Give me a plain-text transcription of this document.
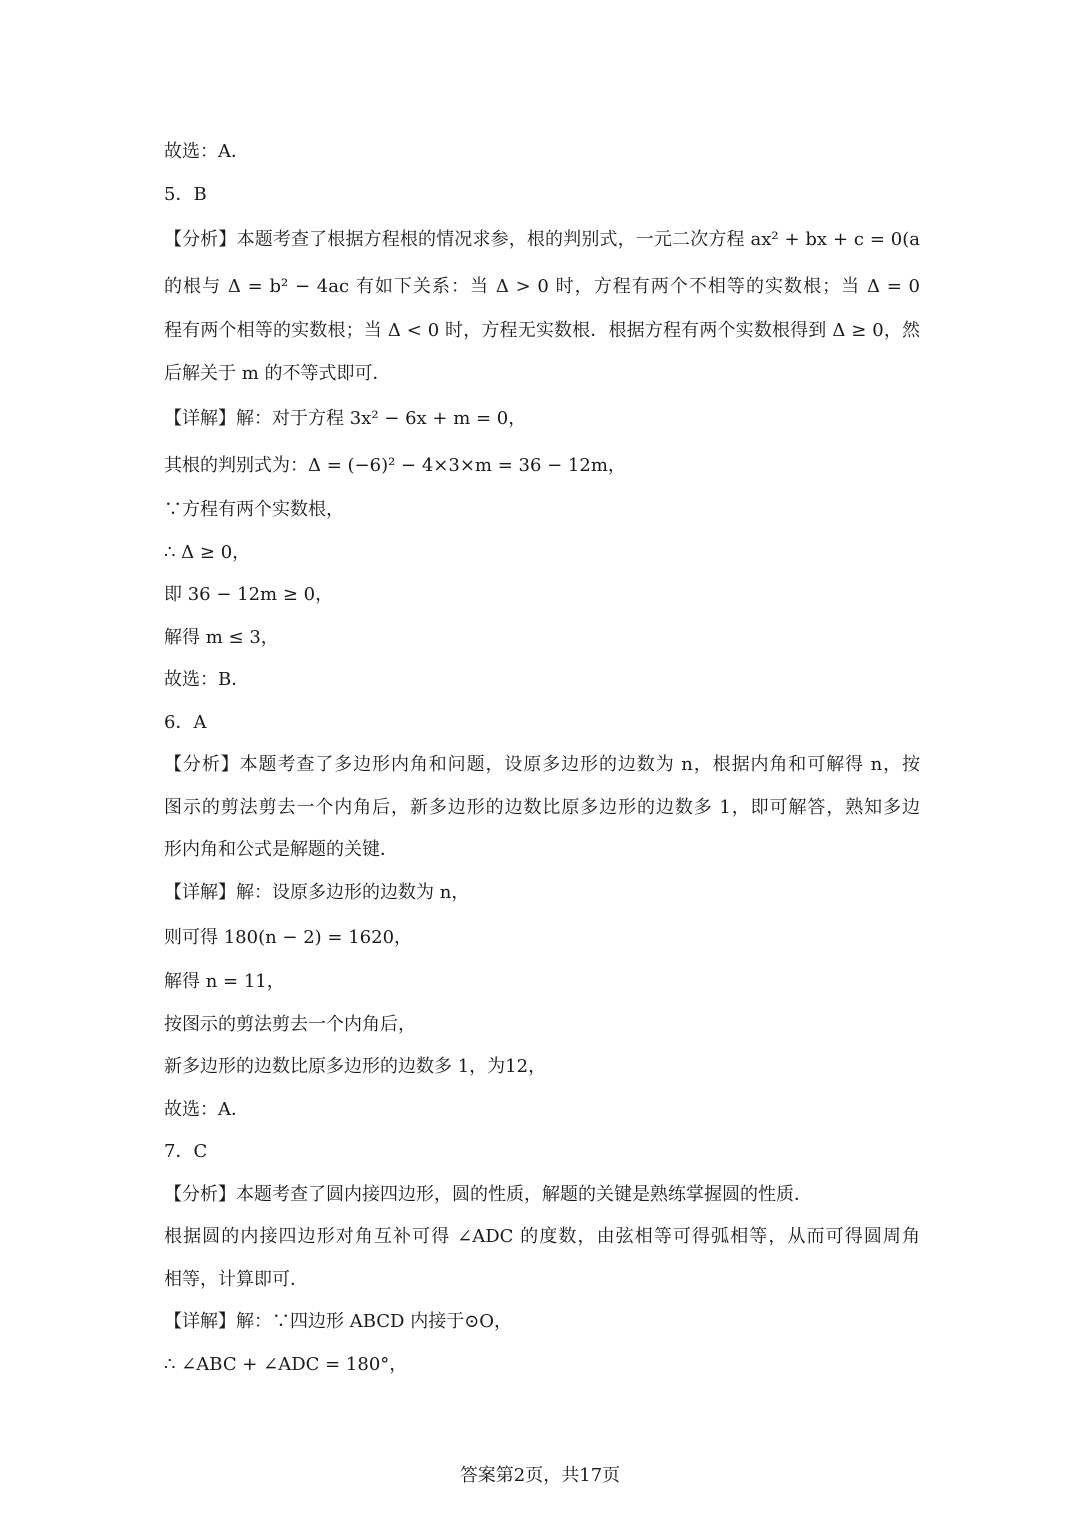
故选：A．
5．B
【分析】本题考查了根据方程根的情况求参，根的判别式，一元二次方程 ax² + bx + c = 0(a
的根与 Δ = b² − 4ac 有如下关系：当 Δ > 0 时，方程有两个不相等的实数根；当 Δ = 0
程有两个相等的实数根；当 Δ < 0 时，方程无实数根．根据方程有两个实数根得到 Δ ≥ 0，然
后解关于 m 的不等式即可．
【详解】解：对于方程 3x² − 6x + m = 0，
其根的判别式为：Δ = (−6)² − 4×3×m = 36 − 12m，
∵方程有两个实数根，
∴ Δ ≥ 0，
即 36 − 12m ≥ 0，
解得 m ≤ 3，
故选：B．
6．A
【分析】本题考查了多边形内角和问题，设原多边形的边数为 n，根据内角和可解得 n，按
图示的剪法剪去一个内角后，新多边形的边数比原多边形的边数多 1，即可解答，熟知多边
形内角和公式是解题的关键．
【详解】解：设原多边形的边数为 n，
则可得 180(n − 2) = 1620，
解得 n = 11，
按图示的剪法剪去一个内角后，
新多边形的边数比原多边形的边数多 1，为12，
故选：A．
7．C
【分析】本题考查了圆内接四边形，圆的性质，解题的关键是熟练掌握圆的性质．
根据圆的内接四边形对角互补可得 ∠ADC 的度数，由弦相等可得弧相等，从而可得圆周角
相等，计算即可．
【详解】解：∵四边形 ABCD 内接于⊙O，
∴ ∠ABC + ∠ADC = 180°，
答案第2页，共17页
